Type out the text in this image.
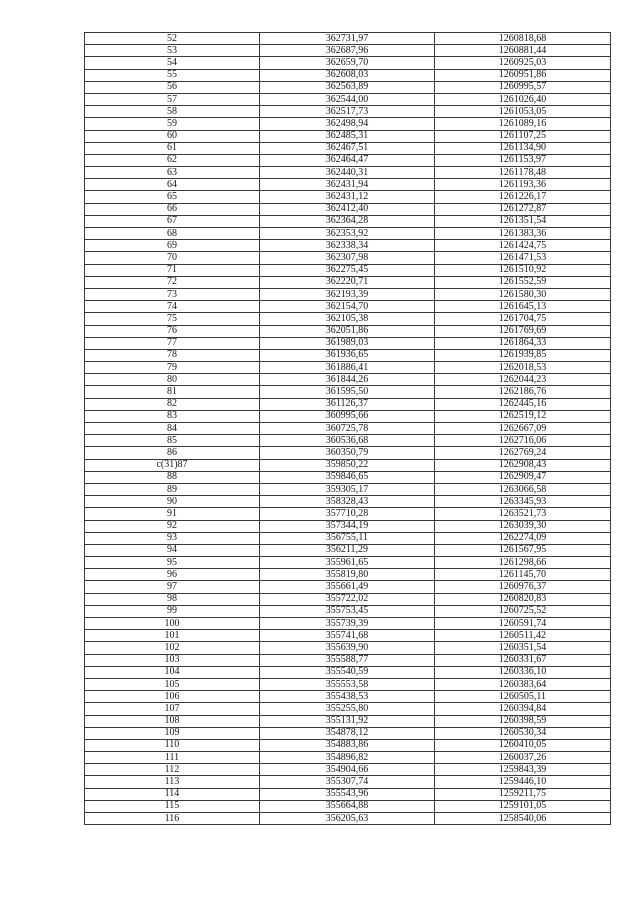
52	362731,97	1260818,68
53	362687,96	1260881,44
54	362659,70	1260925,03
55	362608,03	1260951,86
56	362563,89	1260995,57
57	362544,00	1261026,40
58	362517,73	1261053,05
59	362498,94	1261089,16
60	362485,31	1261107,25
61	362467,51	1261134,90
62	362464,47	1261153,97
63	362440,31	1261178,48
64	362431,94	1261193,36
65	362431,12	1261226,17
66	362412,40	1261272,87
67	362364,28	1261351,54
68	362353,92	1261383,36
69	362338,34	1261424,75
70	362307,98	1261471,53
71	362275,45	1261510,92
72	362220,71	1261552,59
73	362193,39	1261580,30
74	362154,70	1261645,13
75	362105,38	1261704,75
76	362051,86	1261769,69
77	361989,03	1261864,33
78	361936,65	1261939,85
79	361886,41	1262018,53
80	361844,26	1262044,23
81	361595,50	1262186,76
82	361126,37	1262445,16
83	360995,66	1262519,12
84	360725,78	1262667,09
85	360536,68	1262716,06
86	360350,79	1262769,24
c(31)87	359850,22	1262908,43
88	359846,65	1262909,47
89	359305,17	1263066,58
90	358328,43	1263345,93
91	357710,28	1263521,73
92	357344,19	1263039,30
93	356755,11	1262274,09
94	356211,29	1261567,95
95	355961,65	1261298,66
96	355819,80	1261145,70
97	355661,49	1260976,37
98	355722,02	1260820,83
99	355753,45	1260725,52
100	355739,39	1260591,74
101	355741,68	1260511,42
102	355639,90	1260351,54
103	355588,77	1260331,67
104	355540,59	1260336,10
105	355553,58	1260383,64
106	355438,53	1260505,11
107	355255,80	1260394,84
108	355131,92	1260398,59
109	354878,12	1260530,34
110	354883,86	1260410,05
111	354896,82	1260037,26
112	354904,66	1259843,39
113	355307,74	1259446,10
114	355543,96	1259211,75
115	355664,88	1259101,05
116	356205,63	1258540,06
